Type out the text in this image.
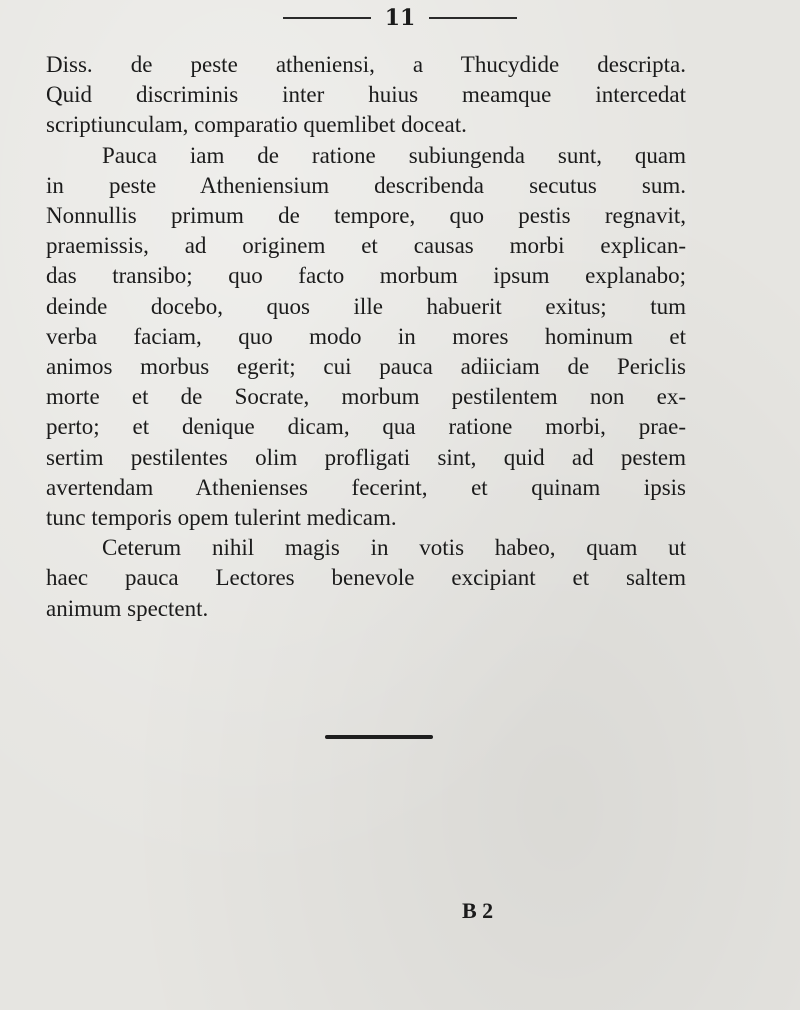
11

Diss. de peste atheniensi, a Thucydide descripta.
Quid discriminis inter huius meamque intercedat
scriptiunculam, comparatio quemlibet doceat.

Pauca iam de ratione subiungenda sunt, quam
in peste Atheniensium describenda secutus sum.
Nonnullis primum de tempore, quo pestis regnavit,
praemissis, ad originem et causas morbi explican-
das transibo; quo facto morbum ipsum explanabo;
deinde docebo, quos ille habuerit exitus; tum
verba faciam, quo modo in mores hominum et
animos morbus egerit; cui pauca adiiciam de Periclis
morte et de Socrate, morbum pestilentem non ex-
perto; et denique dicam, qua ratione morbi, prae-
sertim pestilentes olim profligati sint, quid ad pestem
avertendam Athenienses fecerint, et quinam ipsis
tunc temporis opem tulerint medicam.

Ceterum nihil magis in votis habeo, quam ut
haec pauca Lectores benevole excipiant et saltem
animum spectent.

B 2
